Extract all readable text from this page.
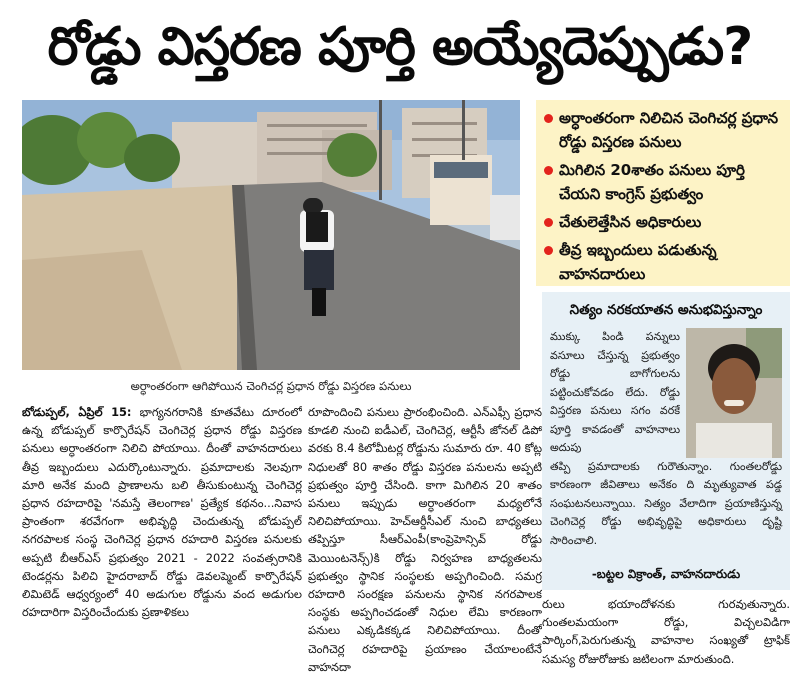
రోడ్డు విస్తరణ పూర్తి అయ్యేదెప్పుడు?
అర్ధాంతరంగా ఆగిపోయిన చెంగిచర్ల ప్రధాన రోడ్డు విస్తరణ పనులు
అర్ధాంతరంగా నిలిచిన చెంగిచర్ల ప్రధాన రోడ్డు విస్తరణ పనులు
మిగిలిన 20శాతం పనులు పూర్తి చేయని కాంగ్రెస్ ప్రభుత్వం
చేతులెత్తేసిన అధికారులు
తీవ్ర ఇబ్బందులు పడుతున్న వాహనదారులు
నిత్యం నరకయాతన అనుభవిస్తున్నాం
ముక్కు పిండి పన్నులు వసూలు చేస్తున్న ప్రభుత్వం రోడ్డు బాగోగులను పట్టించుకోవడం లేదు. రోడ్డు విస్తరణ పనులు సగం వరకే పూర్తి కావడంతో వాహనాలు అదుపు
తప్పి ప్రమాదాలకు గురౌతున్నాం. గుంతలరోడ్డు కారణంగా జీవితాలు అనేకం ది మృత్యువాత పడ్డ సంఘటనలున్నాయి. నిత్యం వేలాదిగా ప్రయాణిస్తున్న చెంగిచెర్ల రోడ్డు అభివృద్ధిపై అధికారులు దృష్టి సారించాలి.
-బట్టల విక్రాంత్, వాహనదారుడు
బోడుప్పల్, ఏప్రిల్ 15: భాగ్యనగరానికి కూతవేటు దూరంలో ఉన్న బోడుప్పల్ కార్పొరేషన్ చెంగిచెర్ల ప్రధాన రోడ్డు విస్తరణ పనులు అర్ధాంతరంగా నిలిచి పోయాయి. దీంతో వాహనదారులు తీవ్ర ఇబ్బందులు ఎదుర్కొంటున్నారు. ప్రమాదాలకు నెలవుగా మారి అనేక మంది ప్రాణాలను బలి తీసుకుంటున్న చెంగిచెర్ల ప్రధాన రహదారిపై 'నమస్తే తెలంగాణ' ప్రత్యేక కథనం...నివాస ప్రాంతంగా శరవేగంగా అభివృద్ధి చెందుతున్న బోడుప్పల్ నగరపాలక సంస్థ చెంగిచెర్ల ప్రధాన రహదారి విస్తరణ పనులకు అప్పటి బీఆర్ఎస్ ప్రభుత్వం 2021 - 2022 సంవత్సరానికి టెండర్లను పిలిచి హైదరాబాద్ రోడ్డు డెవలప్మెంట్ కార్పొరేషన్ లిమిటెడ్ ఆధ్వర్యంలో 40 అడుగుల రోడ్డును వంద అడుగుల రహదారిగా విస్తరించేందుకు ప్రణాళికలు
రూపొందించి పనులు ప్రారంభించింది. ఎన్ఎఫ్సీ ప్రధాన కూడలి నుంచి ఐడీఎల్, చెంగిచెర్ల, ఆర్టీసీ జోనల్ డిపో వరకు 8.4 కిలోమీటర్ల రోడ్డును సుమారు రూ. 40 కోట్ల నిధులతో 80 శాతం రోడ్డు విస్తరణ పనులను అప్పటి ప్రభుత్వం పూర్తి చేసింది. కాగా మిగిలిన 20 శాతం పనులు ఇప్పుడు అర్ధాంతరంగా మధ్యలోనే నిలిచిపోయాయి. హెచ్ఆర్డీసీఎల్ నుంచి బాధ్యతలు తప్పిస్తూ సీఆర్ఎంపీ(కాంప్రెహెన్సివ్ రోడ్డు మెయింటనెన్స్)కి రోడ్డు నిర్వహణ బాధ్యతలను ప్రభుత్వం స్థానిక సంస్థలకు అప్పగించింది. సమగ్ర రహదారి సంరక్షణ పనులను స్థానిక నగరపాలక సంస్థకు అప్పగించడంతో నిధుల లేమి కారణంగా పనులు ఎక్కడికక్కడ నిలిచిపోయాయి. దీంతో చెంగిచెర్ల రహదారిపై ప్రయాణం చేయాలంటేనే వాహనదా
రులు భయాందోళనకు గురవుతున్నారు. గుంతలమయంగా రోడ్డు, విచ్చలవిడిగా పార్కింగ్,పెరుగుతున్న వాహనాల సంఖ్యతో ట్రాఫిక్ సమస్య రోజురోజుకు జటిలంగా మారుతుంది.
